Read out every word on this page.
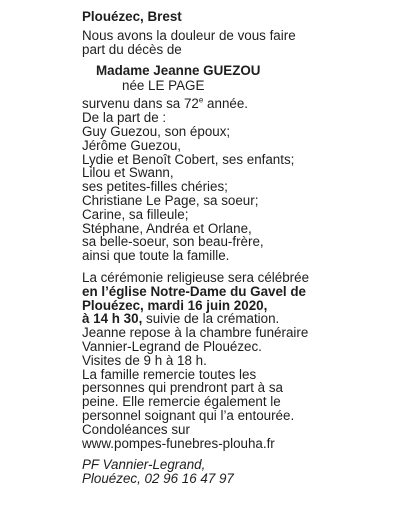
Plouézec, Brest
Nous avons la douleur de vous faire
part du décès de
Madame Jeanne GUEZOU
née LE PAGE
survenu dans sa 72e année.
De la part de :
Guy Guezou, son époux;
Jérôme Guezou,
Lydie et Benoît Cobert, ses enfants;
Lilou et Swann,
ses petites-filles chéries;
Christiane Le Page, sa soeur;
Carine, sa filleule;
Stéphane, Andréa et Orlane,
sa belle-soeur, son beau-frère,
ainsi que toute la famille.
La cérémonie religieuse sera célébrée
en l’église Notre-Dame du Gavel de
Plouézec, mardi 16 juin 2020,
à 14 h 30, suivie de la crémation.
Jeanne repose à la chambre funéraire
Vannier-Legrand de Plouézec.
Visites de 9 h à 18 h.
La famille remercie toutes les
personnes qui prendront part à sa
peine. Elle remercie également le
personnel soignant qui l’a entourée.
Condoléances sur
www.pompes-funebres-plouha.fr
PF Vannier-Legrand,
Plouézec, 02 96 16 47 97
